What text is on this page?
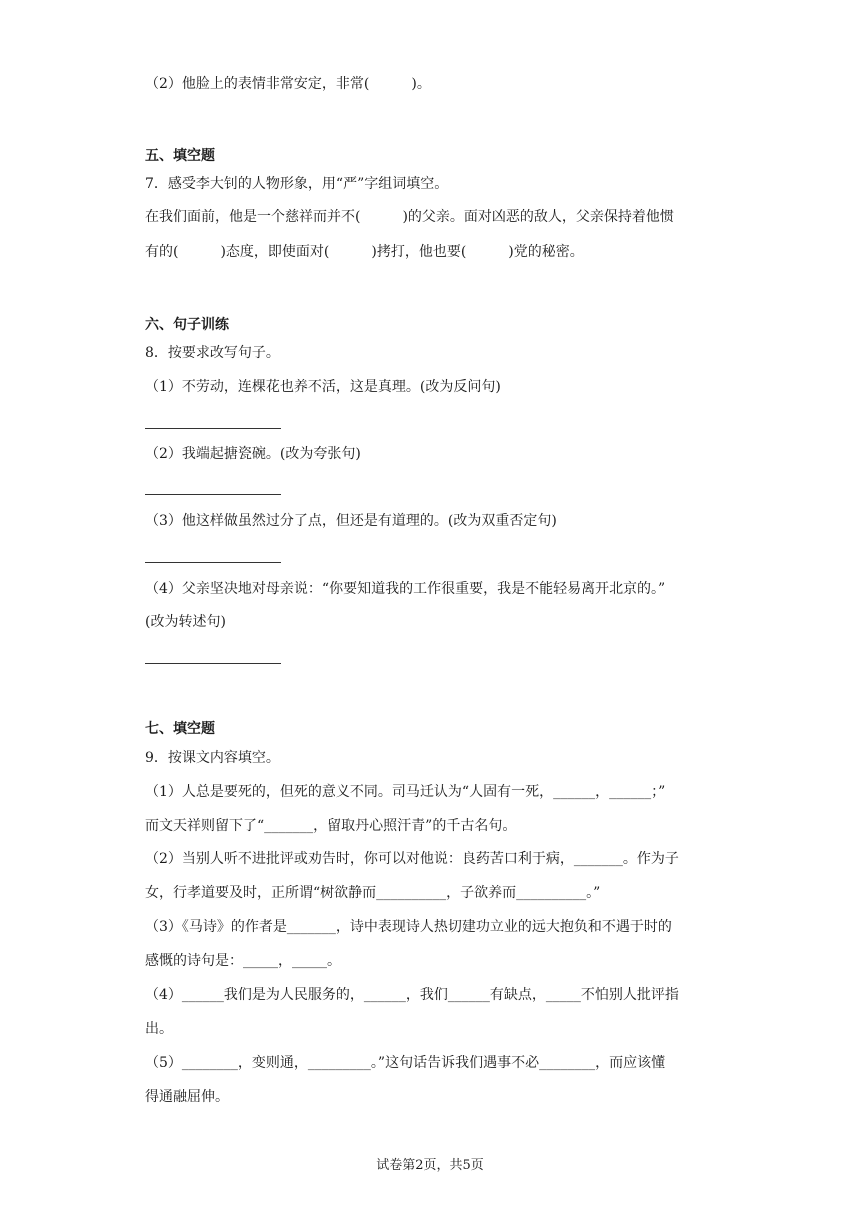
（2）他脸上的表情非常安定，非常(　　　)。
五、填空题
7．感受李大钊的人物形象，用“严”字组词填空。
在我们面前，他是一个慈祥而并不(　　　)的父亲。面对凶恶的敌人，父亲保持着他惯
有的(　　　)态度，即使面对(　　　)拷打，他也要(　　　)党的秘密。
六、句子训练
8．按要求改写句子。
（1）不劳动，连棵花也养不活，这是真理。(改为反问句)
（2）我端起搪瓷碗。(改为夸张句)
（3）他这样做虽然过分了点，但还是有道理的。(改为双重否定句)
（4）父亲坚决地对母亲说：“你要知道我的工作很重要，我是不能轻易离开北京的。”
(改为转述句)
七、填空题
9．按课文内容填空。
（1）人总是要死的，但死的意义不同。司马迁认为“人固有一死，______，______；”
而文天祥则留下了“_______，留取丹心照汗青”的千古名句。
（2）当别人听不进批评或劝告时，你可以对他说：良药苦口利于病，_______。作为子
女，行孝道要及时，正所谓“树欲静而__________，子欲养而__________。”
（3）《马诗》的作者是_______，诗中表现诗人热切建功立业的远大抱负和不遇于时的
感慨的诗句是：_____，_____。
（4）______我们是为人民服务的，______，我们______有缺点，_____不怕别人批评指
出。
（5）________，变则通，_________。”这句话告诉我们遇事不必________，而应该懂
得通融屈伸。
试卷第2页，共5页
